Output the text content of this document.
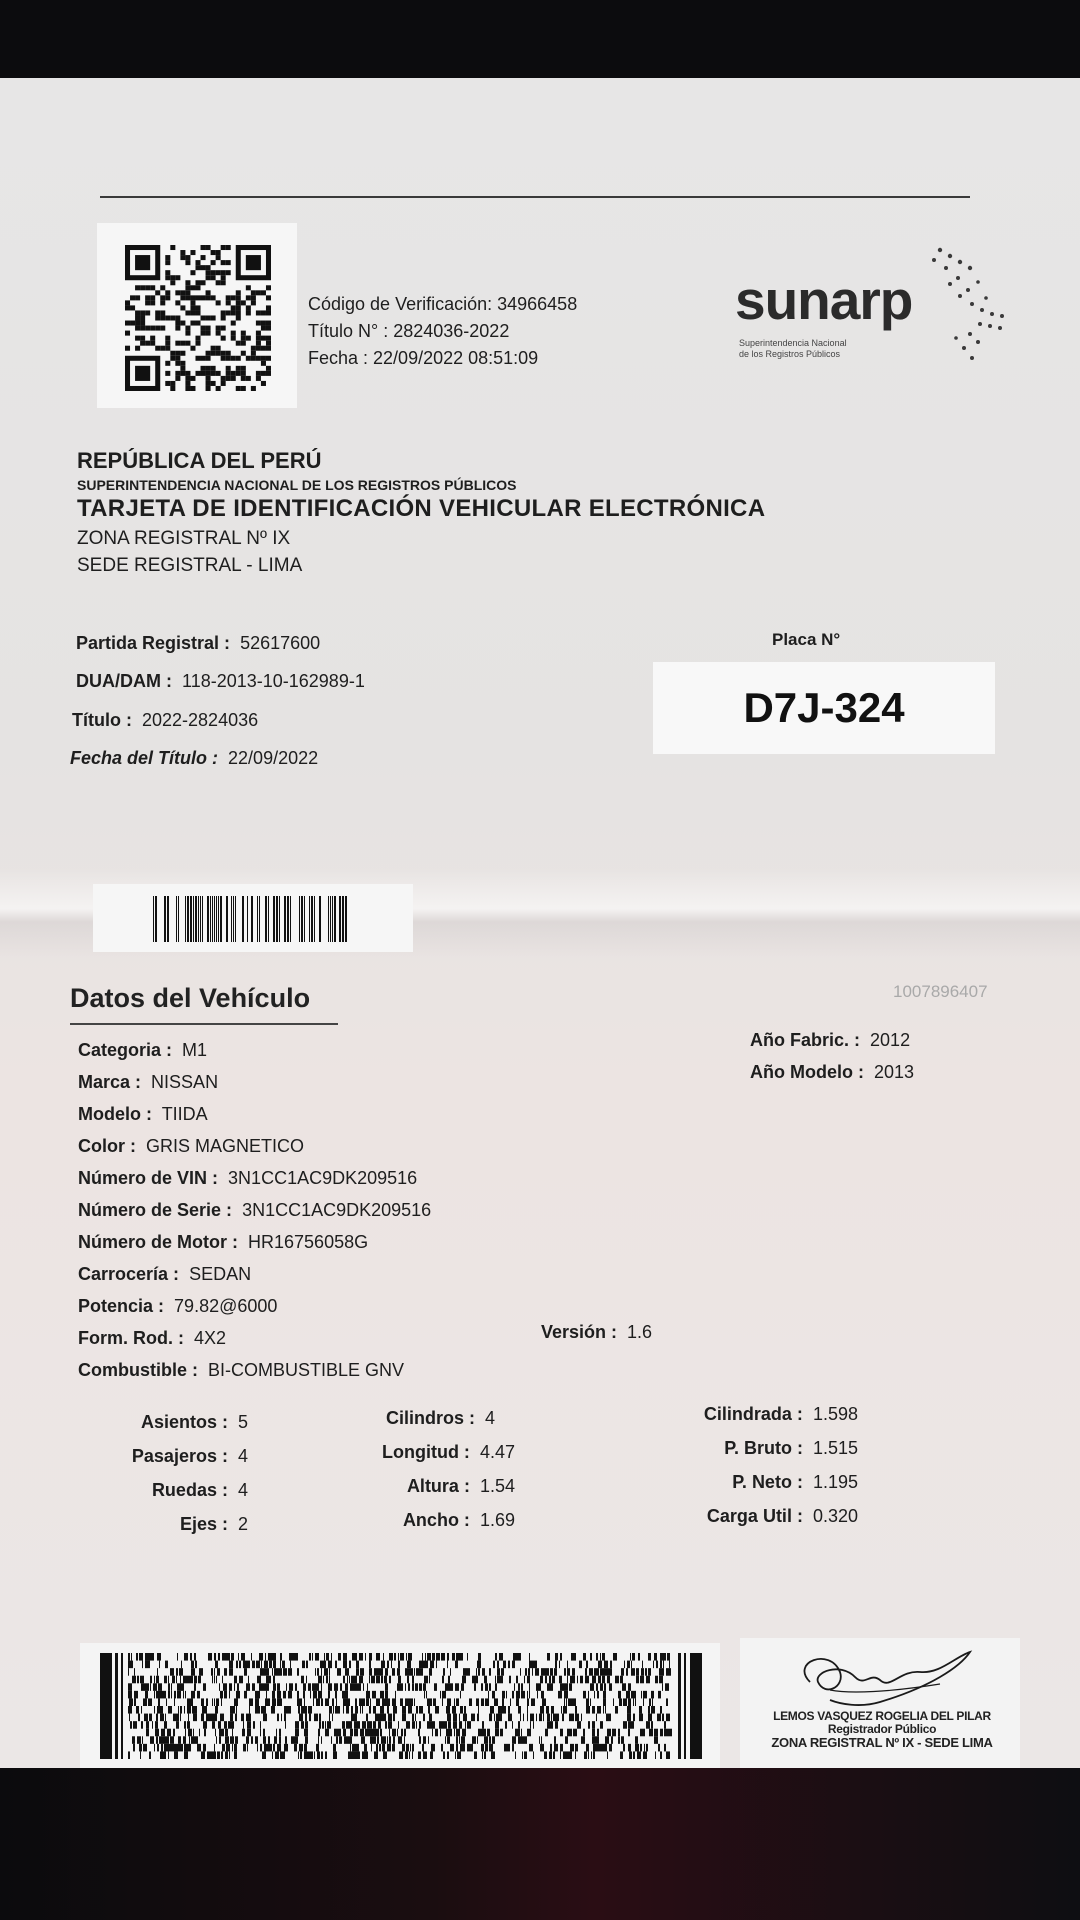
Código de Verificación: 34966458
Título N° : 2824036-2022
Fecha : 22/09/2022 08:51:09
sunarp
Superintendencia Nacional
de los Registros Públicos
REPÚBLICA DEL PERÚ
SUPERINTENDENCIA NACIONAL DE LOS REGISTROS PÚBLICOS
TARJETA DE IDENTIFICACIÓN VEHICULAR ELECTRÓNICA
ZONA REGISTRAL Nº IX
SEDE REGISTRAL - LIMA
Partida Registral : 52617600
DUA/DAM : 118-2013-10-162989-1
Título : 2022-2824036
Fecha del Título : 22/09/2022
Placa N°
D7J-324
Datos del Vehículo	1007896407
Categoria : M1
Marca : NISSAN
Modelo : TIIDA
Color : GRIS MAGNETICO
Número de VIN : 3N1CC1AC9DK209516
Número de Serie : 3N1CC1AC9DK209516
Número de Motor : HR16756058G
Carrocería : SEDAN
Potencia : 79.82@6000
Form. Rod. : 4X2
Combustible : BI-COMBUSTIBLE GNV
Año Fabric. : 2012
Año Modelo : 2013
Versión : 1.6
Asientos : 5
Pasajeros : 4
Ruedas : 4
Ejes : 2
Cilindros : 4
Longitud : 4.47
Altura : 1.54
Ancho : 1.69
Cilindrada : 1.598
P. Bruto : 1.515
P. Neto : 1.195
Carga Util : 0.320
LEMOS VASQUEZ ROGELIA DEL PILAR
Registrador Público
ZONA REGISTRAL Nº IX - SEDE LIMA
